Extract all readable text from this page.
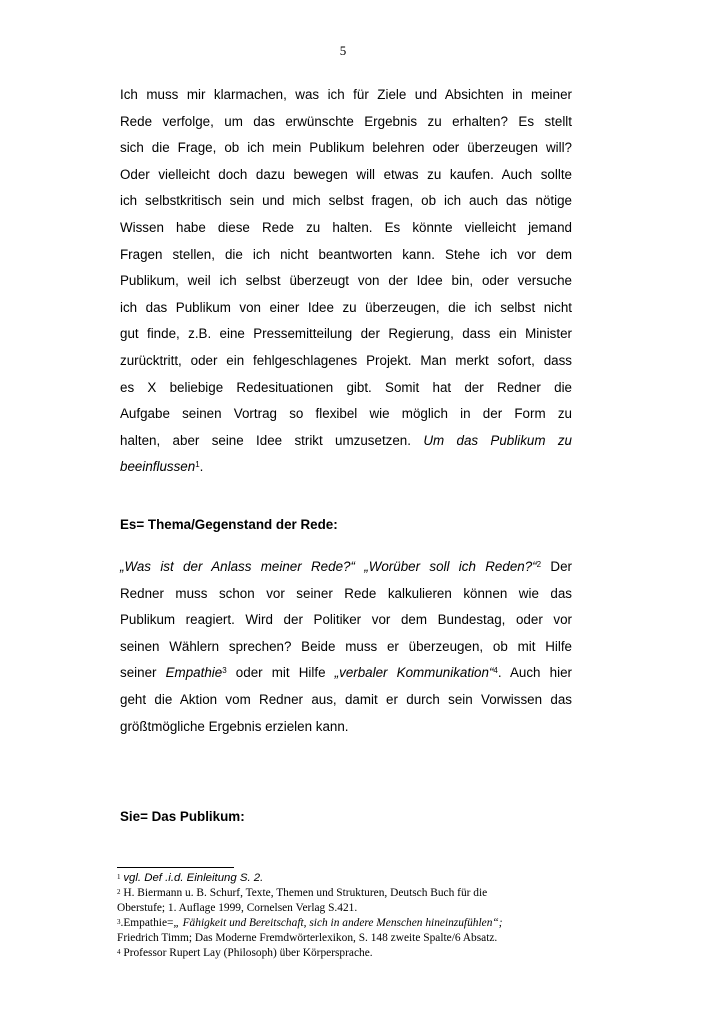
5
Ich muss mir klarmachen, was ich für Ziele und Absichten in meiner
Rede verfolge, um das erwünschte Ergebnis zu erhalten? Es stellt
sich die Frage, ob ich mein Publikum belehren oder überzeugen will?
Oder vielleicht doch dazu bewegen will etwas zu kaufen. Auch sollte
ich selbstkritisch sein und mich selbst fragen, ob ich auch das nötige
Wissen habe diese Rede zu halten. Es könnte vielleicht jemand
Fragen stellen, die ich nicht beantworten kann. Stehe ich vor dem
Publikum, weil ich selbst überzeugt von der Idee bin, oder versuche
ich das Publikum von einer Idee zu überzeugen, die ich selbst nicht
gut finde, z.B. eine Pressemitteilung der Regierung, dass ein Minister
zurücktritt, oder ein fehlgeschlagenes Projekt. Man merkt sofort, dass
es X beliebige Redesituationen gibt. Somit hat der Redner die
Aufgabe seinen Vortrag so flexibel wie möglich in der Form zu
halten, aber seine Idee strikt umzusetzen. Um das Publikum zu
beeinflussen$^1$.
Es= Thema/Gegenstand der Rede:
„Was ist der Anlass meiner Rede?“ „Worüber soll ich Reden?“$^2$ Der
Redner muss schon vor seiner Rede kalkulieren können wie das
Publikum reagiert. Wird der Politiker vor dem Bundestag, oder vor
seinen Wählern sprechen? Beide muss er überzeugen, ob mit Hilfe
seiner Empathie$^3$ oder mit Hilfe „verbaler Kommunikation“$^4$. Auch hier
geht die Aktion vom Redner aus, damit er durch sein Vorwissen das
größtmögliche Ergebnis erzielen kann.
Sie= Das Publikum:
$^1$ vgl. Def .i.d. Einleitung S. 2.
$^2$ H. Biermann u. B. Schurf, Texte, Themen und Strukturen, Deutsch Buch für die
Oberstufe; 1. Auflage 1999, Cornelsen Verlag S.421.
$^3$.Empathie=„ Fähigkeit und Bereitschaft, sich in andere Menschen hineinzufühlen“;
Friedrich Timm; Das Moderne Fremdwörterlexikon, S. 148 zweite Spalte/6 Absatz.
$^4$ Professor Rupert Lay (Philosoph) über Körpersprache.
